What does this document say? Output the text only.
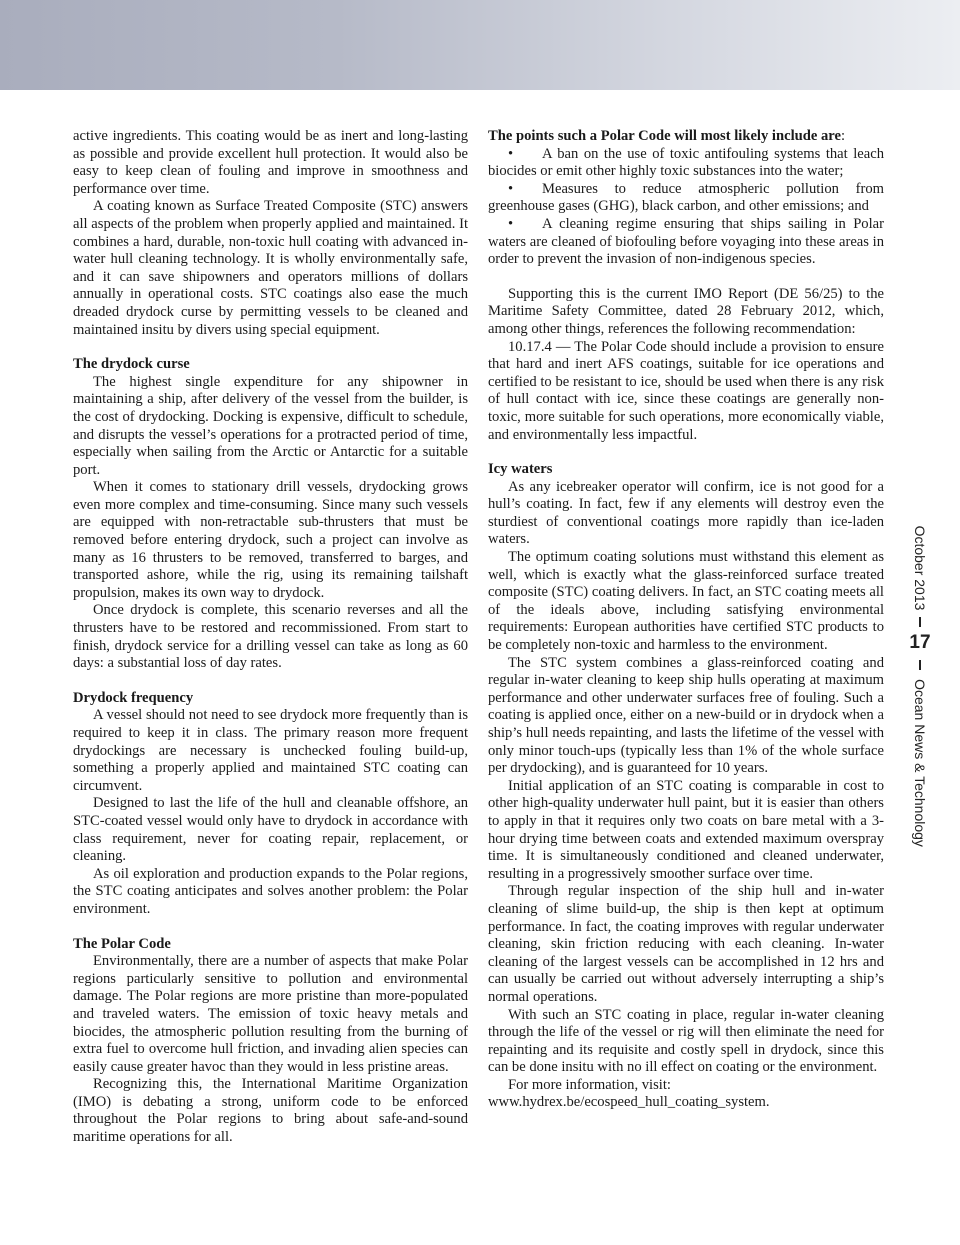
active ingredients. This coating would be as inert and long-lasting as possible and provide excellent hull protection. It would also be easy to keep clean of fouling and improve in smoothness and performance over time.

A coating known as Surface Treated Composite (STC) answers all aspects of the problem when properly applied and maintained. It combines a hard, durable, non-toxic hull coating with advanced in-water hull cleaning technology. It is wholly environmentally safe, and it can save shipowners and operators millions of dollars annually in operational costs. STC coatings also ease the much dreaded drydock curse by permitting vessels to be cleaned and maintained insitu by divers using special equipment.

The drydock curse

The highest single expenditure for any shipowner in maintaining a ship, after delivery of the vessel from the builder, is the cost of drydocking. Docking is expensive, difficult to schedule, and disrupts the vessel’s operations for a protracted period of time, especially when sailing from the Arctic or Antarctic for a suitable port.

When it comes to stationary drill vessels, drydocking grows even more complex and time-consuming. Since many such vessels are equipped with non-retractable sub-thrusters that must be removed before entering drydock, such a project can involve as many as 16 thrusters to be removed, transferred to barges, and transported ashore, while the rig, using its remaining tailshaft propulsion, makes its own way to drydock.

Once drydock is complete, this scenario reverses and all the thrusters have to be restored and recommissioned. From start to finish, drydock service for a drilling vessel can take as long as 60 days: a substantial loss of day rates.

Drydock frequency

A vessel should not need to see drydock more frequently than is required to keep it in class. The primary reason more frequent drydockings are necessary is unchecked fouling build-up, something a properly applied and maintained STC coating can circumvent.

Designed to last the life of the hull and cleanable offshore, an STC-coated vessel would only have to drydock in accordance with class requirement, never for coating repair, replacement, or cleaning.

As oil exploration and production expands to the Polar regions, the STC coating anticipates and solves another problem: the Polar environment.

The Polar Code

Environmentally, there are a number of aspects that make Polar regions particularly sensitive to pollution and environmental damage. The Polar regions are more pristine than more-populated and traveled waters. The emission of toxic heavy metals and biocides, the atmospheric pollution resulting from the burning of extra fuel to overcome hull friction, and invading alien species can easily cause greater havoc than they would in less pristine areas.

Recognizing this, the International Maritime Organization (IMO) is debating a strong, uniform code to be enforced throughout the Polar regions to bring about safe-and-sound maritime operations for all.

The points such a Polar Code will most likely include are:

• A ban on the use of toxic antifouling systems that leach biocides or emit other highly toxic substances into the water;

• Measures to reduce atmospheric pollution from greenhouse gases (GHG), black carbon, and other emissions; and

• A cleaning regime ensuring that ships sailing in Polar waters are cleaned of biofouling before voyaging into these areas in order to prevent the invasion of non-indigenous species.

Supporting this is the current IMO Report (DE 56/25) to the Maritime Safety Committee, dated 28 February 2012, which, among other things, references the following recommendation:

10.17.4 — The Polar Code should include a provision to ensure that hard and inert AFS coatings, suitable for ice operations and certified to be resistant to ice, should be used when there is any risk of hull contact with ice, since these coatings are generally non-toxic, more suitable for such operations, more economically viable, and environmentally less impactful.

Icy waters

As any icebreaker operator will confirm, ice is not good for a hull’s coating. In fact, few if any elements will destroy even the sturdiest of conventional coatings more rapidly than ice-laden waters.

The optimum coating solutions must withstand this element as well, which is exactly what the glass-reinforced surface treated composite (STC) coating delivers. In fact, an STC coating meets all of the ideals above, including satisfying environmental requirements: European authorities have certified STC products to be completely non-toxic and harmless to the environment.

The STC system combines a glass-reinforced coating and regular in-water cleaning to keep ship hulls operating at maximum performance and other underwater surfaces free of fouling. Such a coating is applied once, either on a new-build or in drydock when a ship’s hull needs repainting, and lasts the lifetime of the vessel with only minor touch-ups (typically less than 1% of the whole surface per drydocking), and is guaranteed for 10 years.

Initial application of an STC coating is comparable in cost to other high-quality underwater hull paint, but it is easier than others to apply in that it requires only two coats on bare metal with a 3-hour drying time between coats and extended maximum overspray time. It is simultaneously conditioned and cleaned underwater, resulting in a progressively smoother surface over time.

Through regular inspection of the ship hull and in-water cleaning of slime build-up, the ship is then kept at optimum performance. In fact, the coating improves with regular underwater cleaning, skin friction reducing with each cleaning. In-water cleaning of the largest vessels can be accomplished in 12 hrs and can usually be carried out without adversely interrupting a ship’s normal operations.

With such an STC coating in place, regular in-water cleaning through the life of the vessel or rig will then eliminate the need for repainting and its requisite and costly spell in drydock, since this can be done insitu with no ill effect on coating or the environment.

For more information, visit:

www.hydrex.be/ecospeed_hull_coating_system.

October 2013
17
Ocean News & Technology
